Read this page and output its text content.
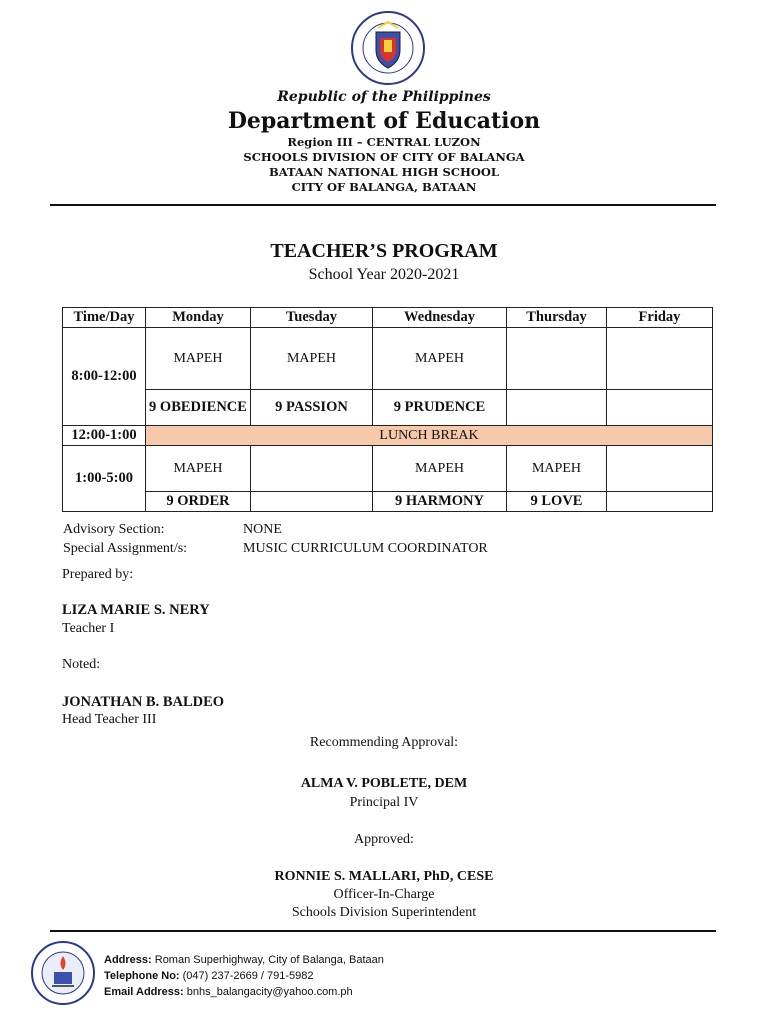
Republic of the Philippines
Department of Education
Region III – CENTRAL LUZON
SCHOOLS DIVISION OF CITY OF BALANGA
BATAAN NATIONAL HIGH SCHOOL
CITY OF BALANGA, BATAAN
TEACHER’S PROGRAM
School Year 2020-2021
Time/Day	Monday	Tuesday	Wednesday	Thursday	Friday
8:00-12:00	MAPEH	MAPEH	MAPEH		
	9 OBEDIENCE	9 PASSION	9 PRUDENCE		
12:00-1:00	LUNCH BREAK				
1:00-5:00	MAPEH		MAPEH	MAPEH	
	9 ORDER		9 HARMONY	9 LOVE	
Advisory Section:	NONE
Special Assignment/s:	MUSIC CURRICULUM COORDINATOR
Prepared by:
LIZA MARIE S. NERY
Teacher I
Noted:
JONATHAN B. BALDEO
Head Teacher III
Recommending Approval:
ALMA V. POBLETE, DEM
Principal IV
Approved:
RONNIE S. MALLARI, PhD, CESE
Officer-In-Charge
Schools Division Superintendent
Address: Roman Superhighway, City of Balanga, Bataan
Telephone No: (047) 237-2669 / 791-5982
Email Address: bnhs_balangacity@yahoo.com.ph
